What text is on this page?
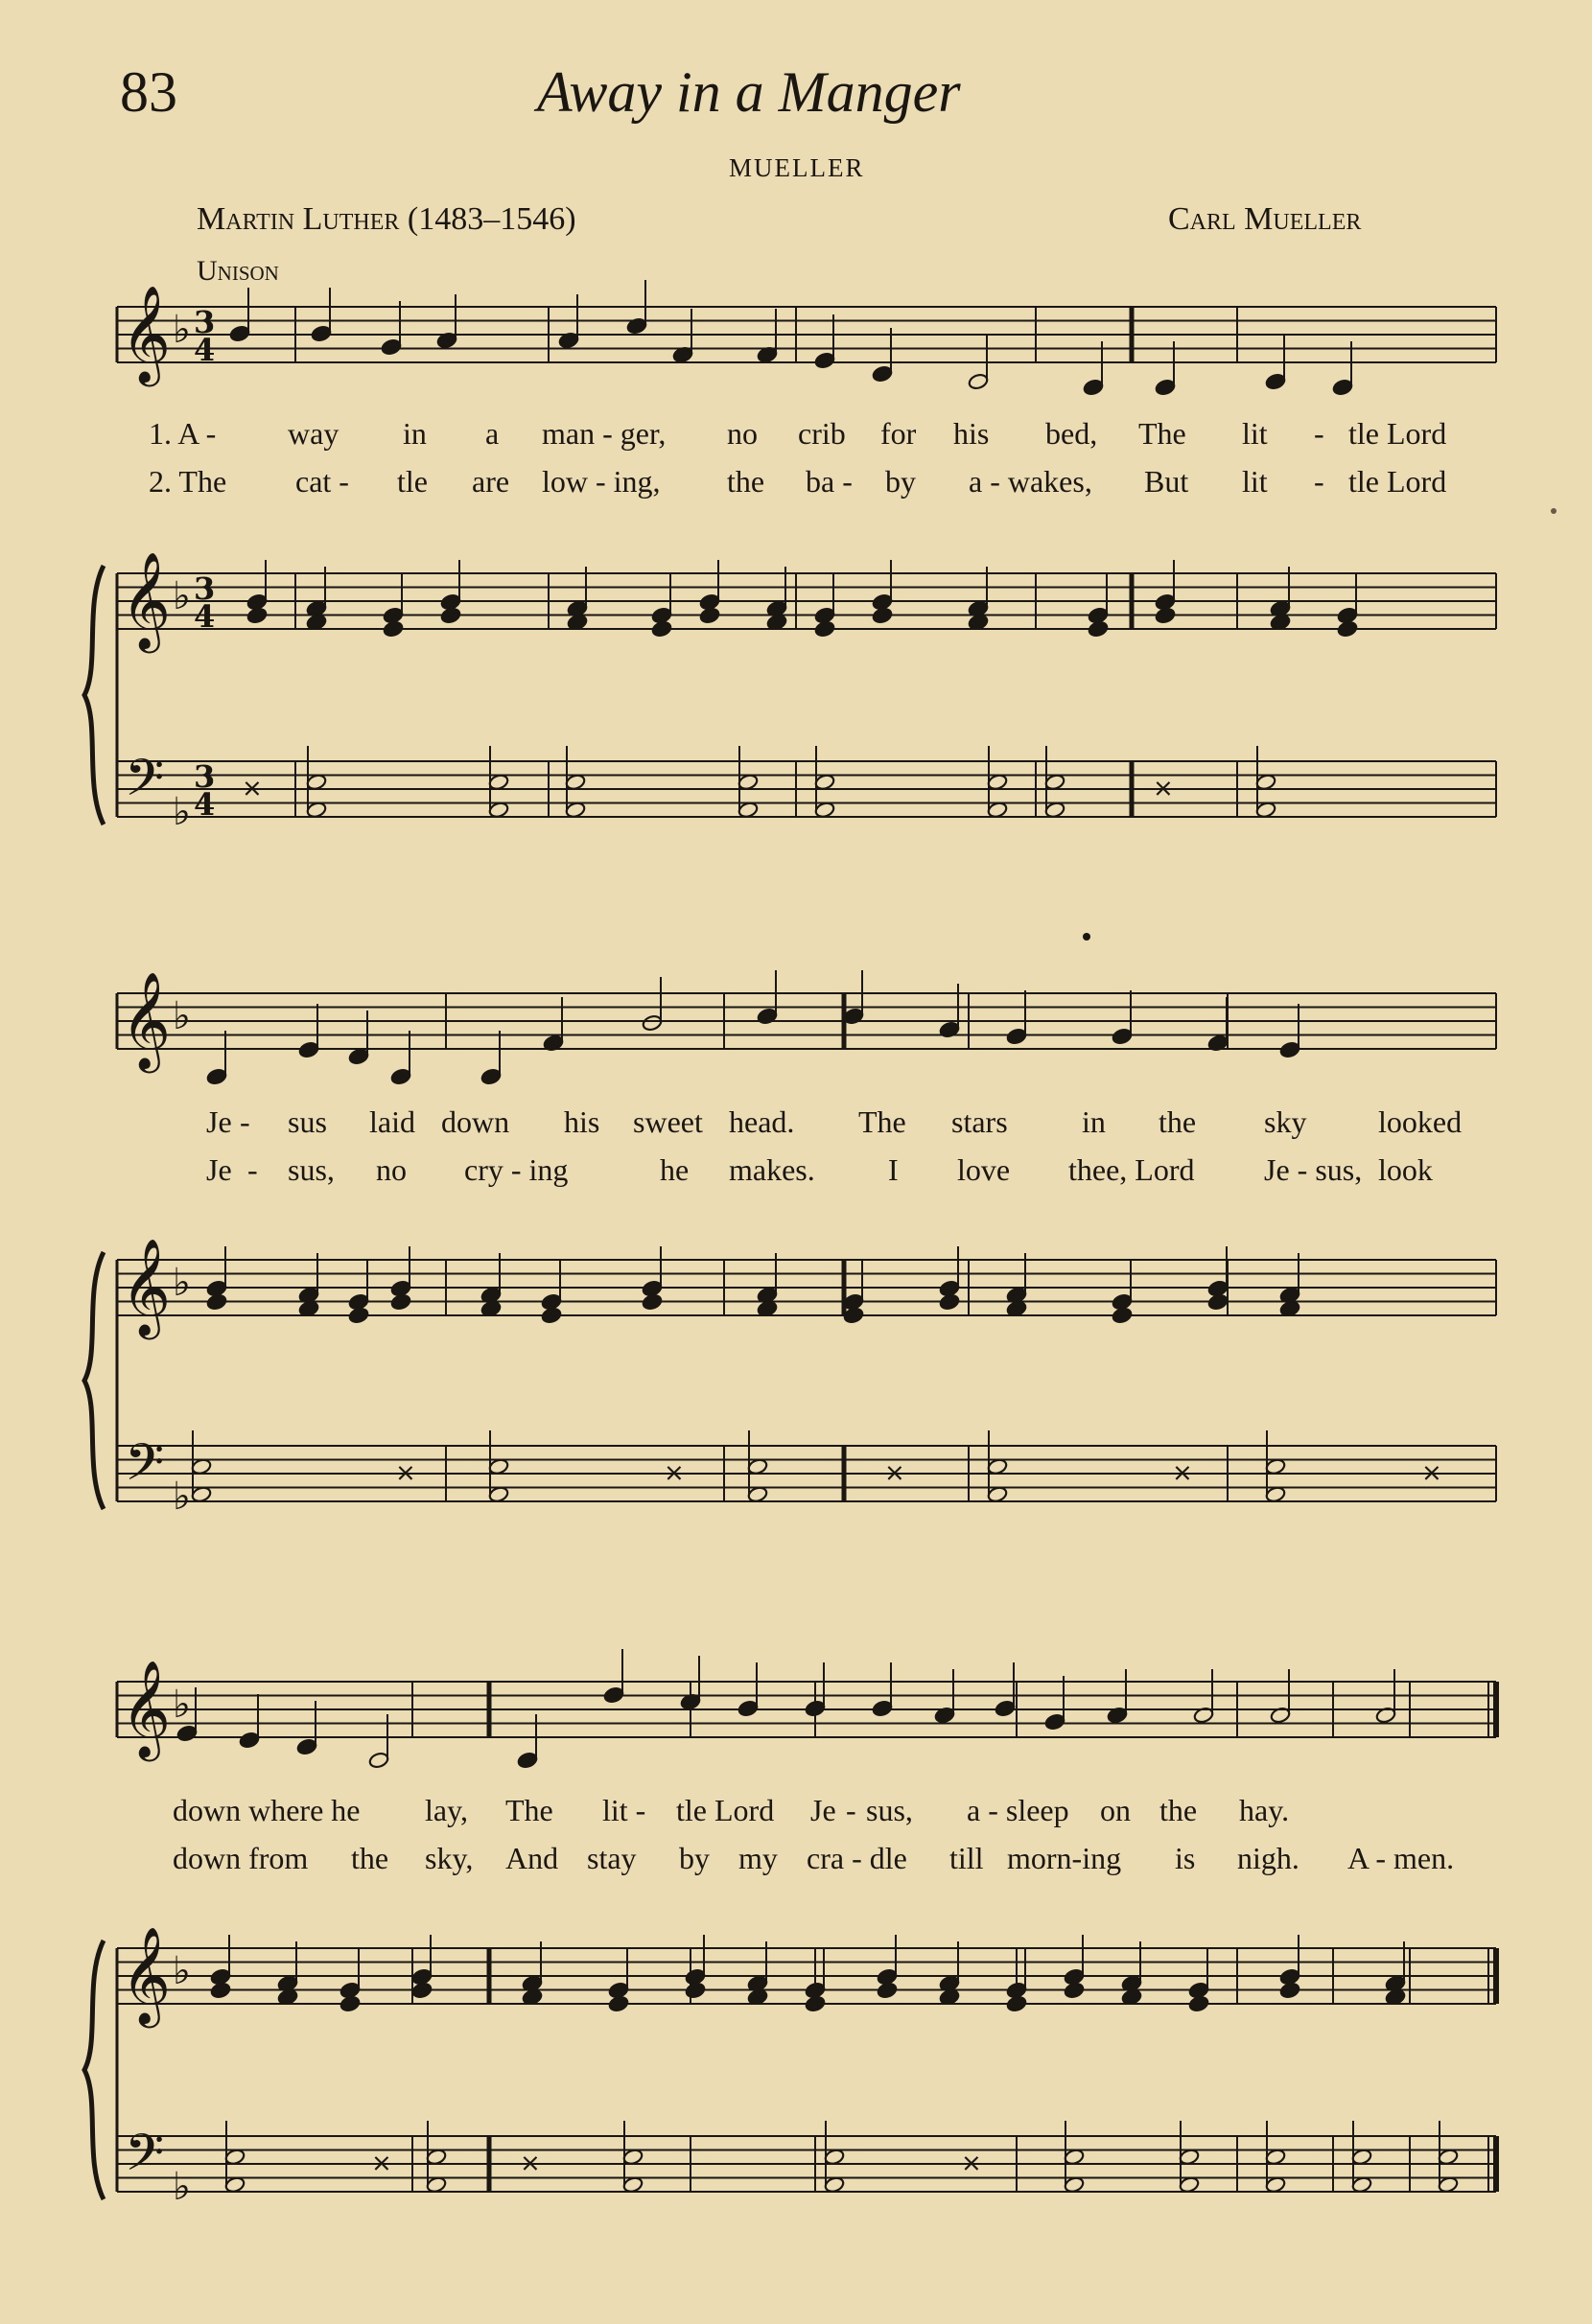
83	Away in a Manger
MUELLER
Martin Luther (1483–1546)	Carl Mueller
Unison
1. A - way in a man - ger, no crib for his bed, The lit - tle Lord
2. The cat - tle are low - ing, the ba - by a - wakes, But lit - tle Lord
Je - sus laid down his sweet head. The stars in the sky looked
Je - sus, no cry - ing	he makes. I love thee, Lord Je - sus, look
down where he lay, The lit - tle Lord Je - sus, a - sleep on the hay.
down from the sky, And stay by my cra - dle till morn-ing is nigh. A - men.
𝄞
𝄞
𝄢
♭
♭
♭
3
4
3
4
3
4
𝄞
𝄞
𝄢
♭
♭
♭
𝄞
𝄞
𝄢
♭
♭
♭
×	×
×	×	×	×	×
×	×	×
